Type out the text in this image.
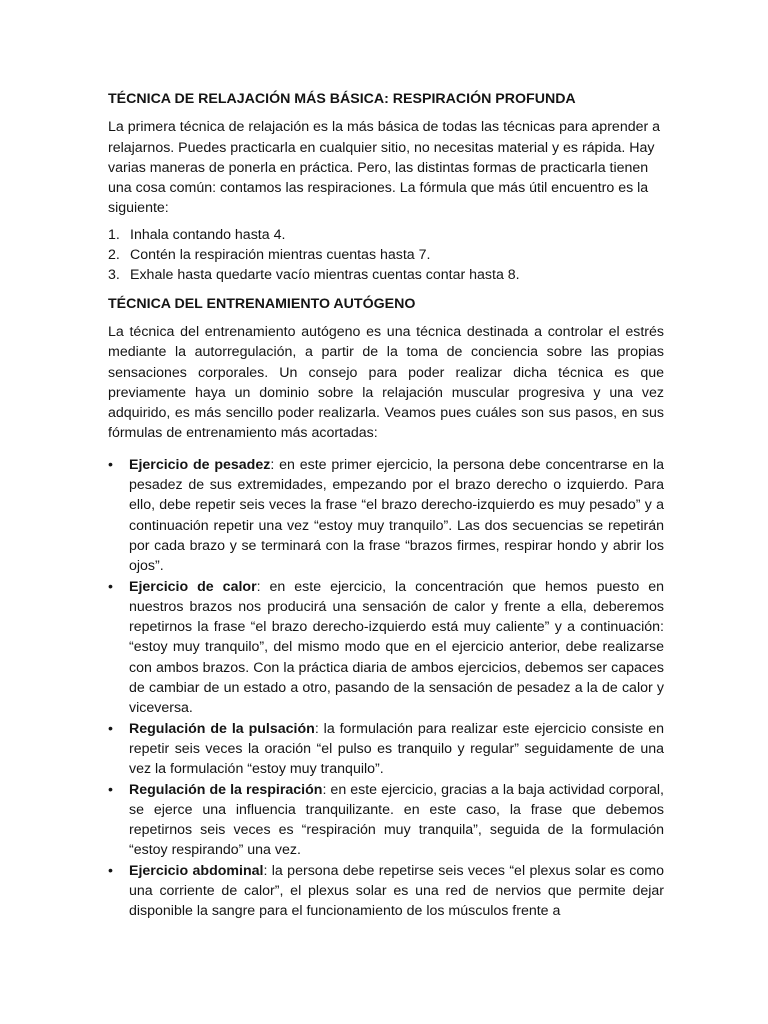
TÉCNICA DE RELAJACIÓN MÁS BÁSICA: RESPIRACIÓN PROFUNDA

La primera técnica de relajación es la más básica de todas las técnicas para aprender a relajarnos. Puedes practicarla en cualquier sitio, no necesitas material y es rápida. Hay varias maneras de ponerla en práctica. Pero, las distintas formas de practicarla tienen una cosa común: contamos las respiraciones. La fórmula que más útil encuentro es la siguiente:

1. Inhala contando hasta 4.
2. Contén la respiración mientras cuentas hasta 7.
3. Exhale hasta quedarte vacío mientras cuentas contar hasta 8.

TÉCNICA DEL ENTRENAMIENTO AUTÓGENO

La técnica del entrenamiento autógeno es una técnica destinada a controlar el estrés mediante la autorregulación, a partir de la toma de conciencia sobre las propias sensaciones corporales. Un consejo para poder realizar dicha técnica es que previamente haya un dominio sobre la relajación muscular progresiva y una vez adquirido, es más sencillo poder realizarla. Veamos pues cuáles son sus pasos, en sus fórmulas de entrenamiento más acortadas:

• Ejercicio de pesadez: en este primer ejercicio, la persona debe concentrarse en la pesadez de sus extremidades, empezando por el brazo derecho o izquierdo. Para ello, debe repetir seis veces la frase “el brazo derecho-izquierdo es muy pesado” y a continuación repetir una vez “estoy muy tranquilo”. Las dos secuencias se repetirán por cada brazo y se terminará con la frase “brazos firmes, respirar hondo y abrir los ojos”.
• Ejercicio de calor: en este ejercicio, la concentración que hemos puesto en nuestros brazos nos producirá una sensación de calor y frente a ella, deberemos repetirnos la frase “el brazo derecho-izquierdo está muy caliente” y a continuación: “estoy muy tranquilo”, del mismo modo que en el ejercicio anterior, debe realizarse con ambos brazos. Con la práctica diaria de ambos ejercicios, debemos ser capaces de cambiar de un estado a otro, pasando de la sensación de pesadez a la de calor y viceversa.
• Regulación de la pulsación: la formulación para realizar este ejercicio consiste en repetir seis veces la oración “el pulso es tranquilo y regular” seguidamente de una vez la formulación “estoy muy tranquilo”.
• Regulación de la respiración: en este ejercicio, gracias a la baja actividad corporal, se ejerce una influencia tranquilizante. en este caso, la frase que debemos repetirnos seis veces es “respiración muy tranquila”, seguida de la formulación “estoy respirando” una vez.
• Ejercicio abdominal: la persona debe repetirse seis veces “el plexus solar es como una corriente de calor”, el plexus solar es una red de nervios que permite dejar disponible la sangre para el funcionamiento de los músculos frente a
